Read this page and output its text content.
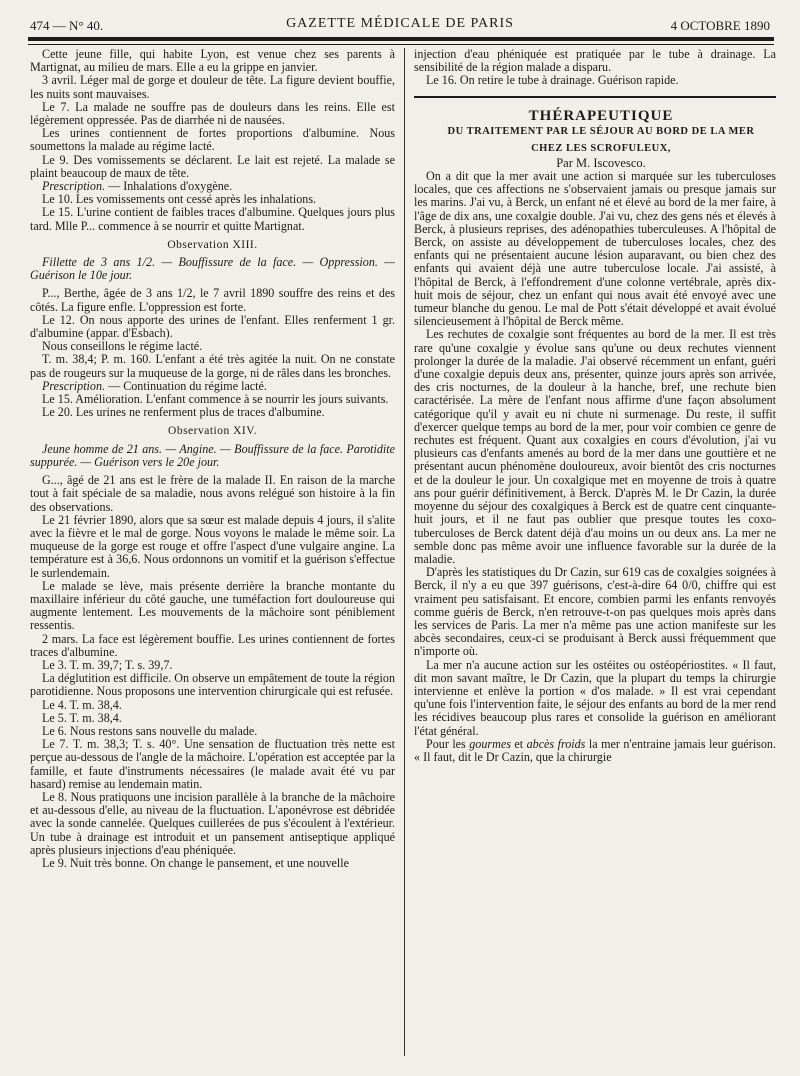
474 — N° 40.	GAZETTE MÉDICALE DE PARIS	4 OCTOBRE 1890

Cette jeune fille, qui habite Lyon, est venue chez ses parents à Martignat, au milieu de mars. Elle a eu la grippe en janvier.

3 avril. Léger mal de gorge et douleur de tête. La figure devient bouffie, les nuits sont mauvaises.

Le 7. La malade ne souffre pas de douleurs dans les reins. Elle est légèrement oppressée. Pas de diarrhée ni de nausées.

Les urines contiennent de fortes proportions d'albumine. Nous soumettons la malade au régime lacté.

Le 9. Des vomissements se déclarent. Le lait est rejeté. La malade se plaint beaucoup de maux de tête.

Prescription. — Inhalations d'oxygène.

Le 10. Les vomissements ont cessé après les inhalations.

Le 15. L'urine contient de faibles traces d'albumine. Quelques jours plus tard. Mlle P... commence à se nourrir et quitte Martignat.

Observation XIII.

Fillette de 3 ans 1/2. — Bouffissure de la face. — Oppression. — Guérison le 10e jour.

P..., Berthe, âgée de 3 ans 1/2, le 7 avril 1890 souffre des reins et des côtés. La figure enfle. L'oppression est forte.

Le 12. On nous apporte des urines de l'enfant. Elles renferment 1 gr. d'albumine (appar. d'Esbach).

Nous conseillons le régime lacté.

T. m. 38,4; P. m. 160. L'enfant a été très agitée la nuit. On ne constate pas de rougeurs sur la muqueuse de la gorge, ni de râles dans les bronches.

Prescription. — Continuation du régime lacté.

Le 15. Amélioration. L'enfant commence à se nourrir les jours suivants.

Le 20. Les urines ne renferment plus de traces d'albumine.

Observation XIV.

Jeune homme de 21 ans. — Angine. — Bouffissure de la face. Parotidite suppurée. — Guérison vers le 20e jour.

G..., âgé de 21 ans est le frère de la malade II. En raison de la marche tout à fait spéciale de sa maladie, nous avons relégué son histoire à la fin des observations.

Le 21 février 1890, alors que sa sœur est malade depuis 4 jours, il s'alite avec la fièvre et le mal de gorge. Nous voyons le malade le même soir. La muqueuse de la gorge est rouge et offre l'aspect d'une vulgaire angine. La température est à 36,6. Nous ordonnons un vomitif et la guérison s'effectue le surlendemain.

Le malade se lève, mais présente derrière la branche montante du maxillaire inférieur du côté gauche, une tuméfaction fort douloureuse qui augmente lentement. Les mouvements de la mâchoire sont péniblement ressentis.

2 mars. La face est légèrement bouffie. Les urines contiennent de fortes traces d'albumine.

Le 3. T. m. 39,7; T. s. 39,7.

La déglutition est difficile. On observe un empâtement de toute la région parotidienne. Nous proposons une intervention chirurgicale qui est refusée.

Le 4. T. m. 38,4.

Le 5. T. m. 38,4.

Le 6. Nous restons sans nouvelle du malade.

Le 7. T. m. 38,3; T. s. 40°. Une sensation de fluctuation très nette est perçue au-dessous de l'angle de la mâchoire. L'opération est acceptée par la famille, et faute d'instruments nécessaires (le malade avait été vu par hasard) remise au lendemain matin.

Le 8. Nous pratiquons une incision parallèle à la branche de la mâchoire et au-dessous d'elle, au niveau de la fluctuation. L'aponévrose est débridée avec la sonde cannelée. Quelques cuillerées de pus s'écoulent à l'extérieur. Un tube à drainage est introduit et un pansement antiseptique appliqué après plusieurs injections d'eau phéniquée.

Le 9. Nuit très bonne. On change le pansement, et une nouvelle

injection d'eau phéniquée est pratiquée par le tube à drainage. La sensibilité de la région malade a disparu.

Le 16. On retire le tube à drainage. Guérison rapide.

THÉRAPEUTIQUE

DU TRAITEMENT PAR LE SÉJOUR AU BORD DE LA MER

CHEZ LES SCROFULEUX,

Par M. Iscovesco.

On a dit que la mer avait une action si marquée sur les tuberculoses locales, que ces affections ne s'observaient jamais ou presque jamais sur les marins. J'ai vu, à Berck, un enfant né et élevé au bord de la mer faire, à l'âge de dix ans, une coxalgie double. J'ai vu, chez des gens nés et élevés à Berck, à plusieurs reprises, des adénopathies tuberculeuses. A l'hôpital de Berck, on assiste au développement de tuberculoses locales, chez des enfants qui ne présentaient aucune lésion auparavant, ou bien chez des enfants qui avaient déjà une autre tuberculose locale. J'ai assisté, à l'hôpital de Berck, à l'effondrement d'une colonne vertébrale, après dix-huit mois de séjour, chez un enfant qui nous avait été envoyé avec une tumeur blanche du genou. Le mal de Pott s'était développé et avait évolué silencieusement à l'hôpital de Berck même.

Les rechutes de coxalgie sont fréquentes au bord de la mer. Il est très rare qu'une coxalgie y évolue sans qu'une ou deux rechutes viennent prolonger la durée de la maladie. J'ai observé récemment un enfant, guéri d'une coxalgie depuis deux ans, présenter, quinze jours après son arrivée, des cris nocturnes, de la douleur à la hanche, bref, une rechute bien caractérisée. La mère de l'enfant nous affirme d'une façon absolument catégorique qu'il y avait eu ni chute ni surmenage. Du reste, il suffit d'exercer quelque temps au bord de la mer, pour voir combien ce genre de rechutes est fréquent. Quant aux coxalgies en cours d'évolution, j'ai vu plusieurs cas d'enfants amenés au bord de la mer dans une gouttière et ne présentant aucun phénomène douloureux, avoir bientôt des cris nocturnes et de la douleur le jour. Un coxalgique met en moyenne de trois à quatre ans pour guérir définitivement, à Berck. D'après M. le Dr Cazin, la durée moyenne du séjour des coxalgiques à Berck est de quatre cent cinquante-huit jours, et il ne faut pas oublier que presque toutes les coxo-tuberculoses de Berck datent déjà d'au moins un ou deux ans. La mer ne semble donc pas même avoir une influence favorable sur la durée de la maladie.

D'après les statistiques du Dr Cazin, sur 619 cas de coxalgies soignées à Berck, il n'y a eu que 397 guérisons, c'est-à-dire 64 0/0, chiffre qui est vraiment peu satisfaisant. Et encore, combien parmi les enfants renvoyés comme guéris de Berck, n'en retrouve-t-on pas quelques mois après dans les services de Paris. La mer n'a même pas une action manifeste sur les abcès secondaires, ceux-ci se produisant à Berck aussi fréquemment que n'importe où.

La mer n'a aucune action sur les ostéites ou ostéopériostites. « Il faut, dit mon savant maître, le Dr Cazin, que la plupart du temps la chirurgie intervienne et enlève la portion « d'os malade. » Il est vrai cependant qu'une fois l'intervention faite, le séjour des enfants au bord de la mer rend les récidives beaucoup plus rares et consolide la guérison en améliorant l'état général.

Pour les gourmes et abcès froids la mer n'entraine jamais leur guérison. « Il faut, dit le Dr Cazin, que la chirurgie
